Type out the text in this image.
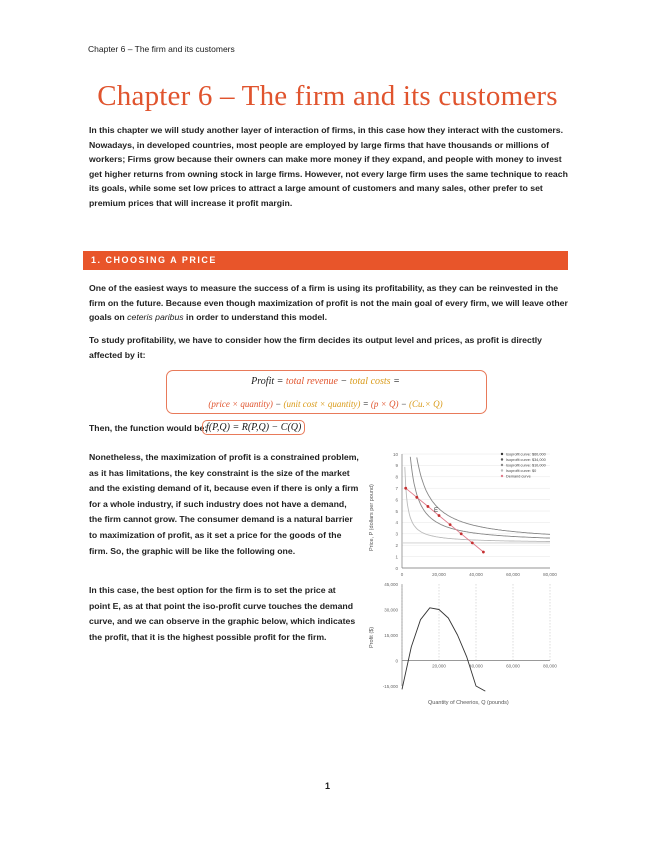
Chapter 6 – The firm and its customers
Chapter 6 – The firm and its customers
In this chapter we will study another layer of interaction of firms, in this case how they interact with the customers. Nowadays, in developed countries, most people are employed by large firms that have thousands or millions of workers; Firms grow because their owners can make more money if they expand, and people with money to invest get higher returns from owning stock in large firms. However, not every large firm uses the same technique to reach its goals, while some set low prices to attract a large amount of customers and many sales, other prefer to set premium prices that will increase it profit margin.
1. CHOOSING A PRICE
One of the easiest ways to measure the success of a firm is using its profitability, as they can be reinvested in the firm on the future. Because even though maximization of profit is not the main goal of every firm, we will leave other goals on ceteris paribus in order to understand this model.
To study profitability, we have to consider how the firm decides its output level and prices, as profit is directly affected by it:
Profit = total revenue − total costs =
(price × quantity) − (unit cost × quantity) = (p × Q) − (Cu.× Q)
Then, the function would be:
f(P,Q) = R(P,Q) − C(Q)
Nonetheless, the maximization of profit is a constrained problem, as it has limitations, the key constraint is the size of the market and the existing demand of it, because even if there is only a firm for a whole industry, if such industry does not have a demand, the firm cannot grow. The consumer demand is a natural barrier to maximization of profit, as it set a price for the goods of the firm. So, the graphic will be like the following one.
In this case, the best option for the firm is to set the price at point E, as at that point the iso-profit curve touches the demand curve, and we can observe in the graphic below, which indicates the profit, that it is the highest possible profit for the firm.
0
1
2
3
4
5
6
7
8
9
10
0	20,000	40,000	60,000	80,000
Isoprofit curve: $60,000
Isoprofit curve: $34,000
Isoprofit curve: $10,000
Isoprofit curve: $0
Demand curve
Price, P (dollars per pound)	E
45,000
30,000
15,000
0
-15,000
20,000	40,000	60,000	80,000
Profit ($)
Quantity of Cheerios, Q (pounds)
1
